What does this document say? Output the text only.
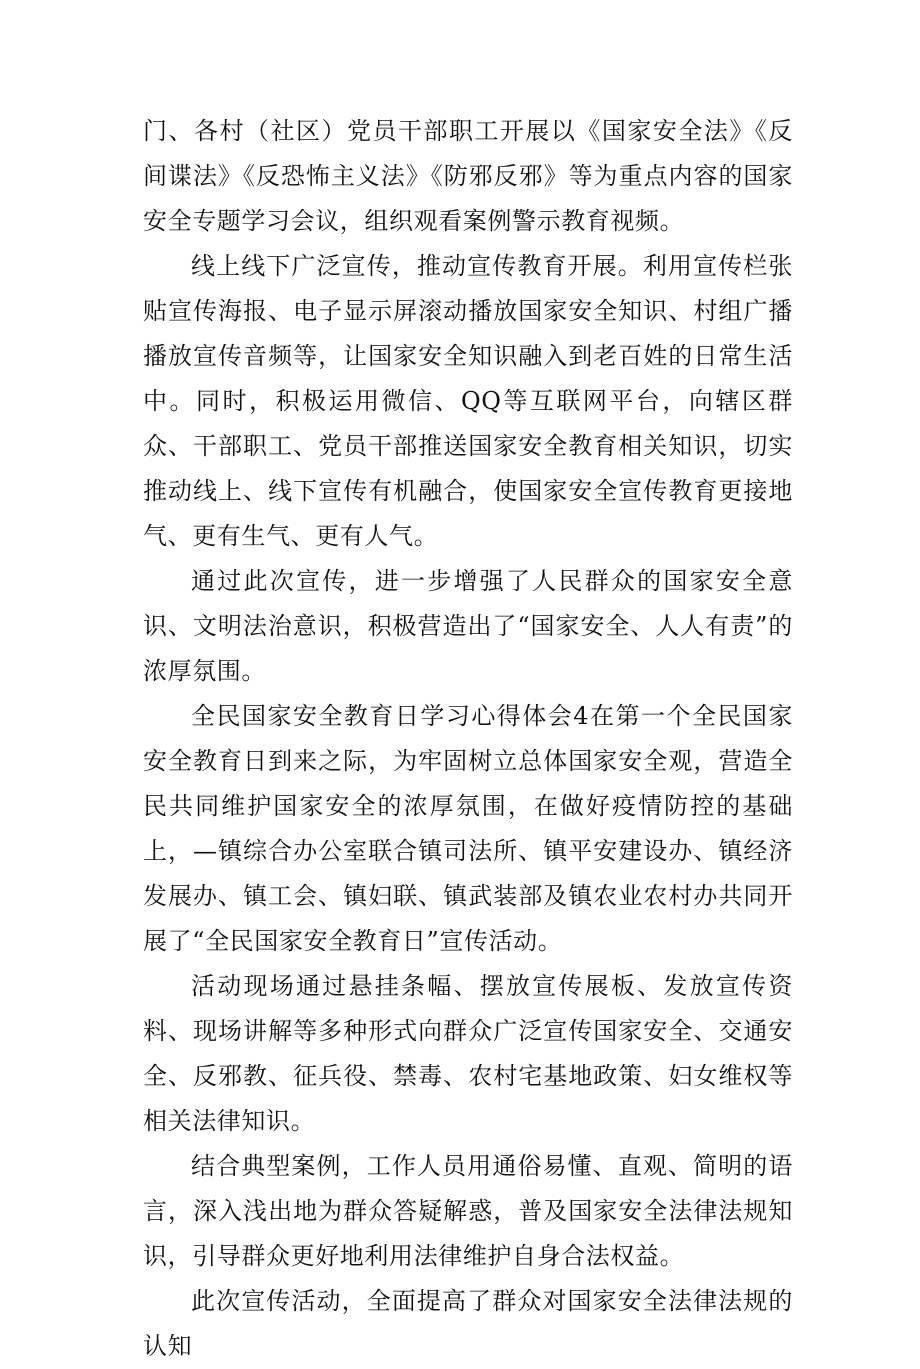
门、各村（社区）党员干部职工开展以《国家安全法》《反间谍法》《反恐怖主义法》《防邪反邪》等为重点内容的国家安全专题学习会议，组织观看案例警示教育视频。

线上线下广泛宣传，推动宣传教育开展。利用宣传栏张贴宣传海报、电子显示屏滚动播放国家安全知识、村组广播播放宣传音频等，让国家安全知识融入到老百姓的日常生活中。同时，积极运用微信、QQ等互联网平台，向辖区群众、干部职工、党员干部推送国家安全教育相关知识，切实推动线上、线下宣传有机融合，使国家安全宣传教育更接地气、更有生气、更有人气。

通过此次宣传，进一步增强了人民群众的国家安全意识、文明法治意识，积极营造出了“国家安全、人人有责”的浓厚氛围。

全民国家安全教育日学习心得体会4在第一个全民国家安全教育日到来之际，为牢固树立总体国家安全观，营造全民共同维护国家安全的浓厚氛围，在做好疫情防控的基础上，—镇综合办公室联合镇司法所、镇平安建设办、镇经济发展办、镇工会、镇妇联、镇武装部及镇农业农村办共同开展了“全民国家安全教育日”宣传活动。

活动现场通过悬挂条幅、摆放宣传展板、发放宣传资料、现场讲解等多种形式向群众广泛宣传国家安全、交通安全、反邪教、征兵役、禁毒、农村宅基地政策、妇女维权等相关法律知识。

结合典型案例，工作人员用通俗易懂、直观、简明的语言，深入浅出地为群众答疑解惑，普及国家安全法律法规知识，引导群众更好地利用法律维护自身合法权益。

此次宣传活动，全面提高了群众对国家安全法律法规的认知
